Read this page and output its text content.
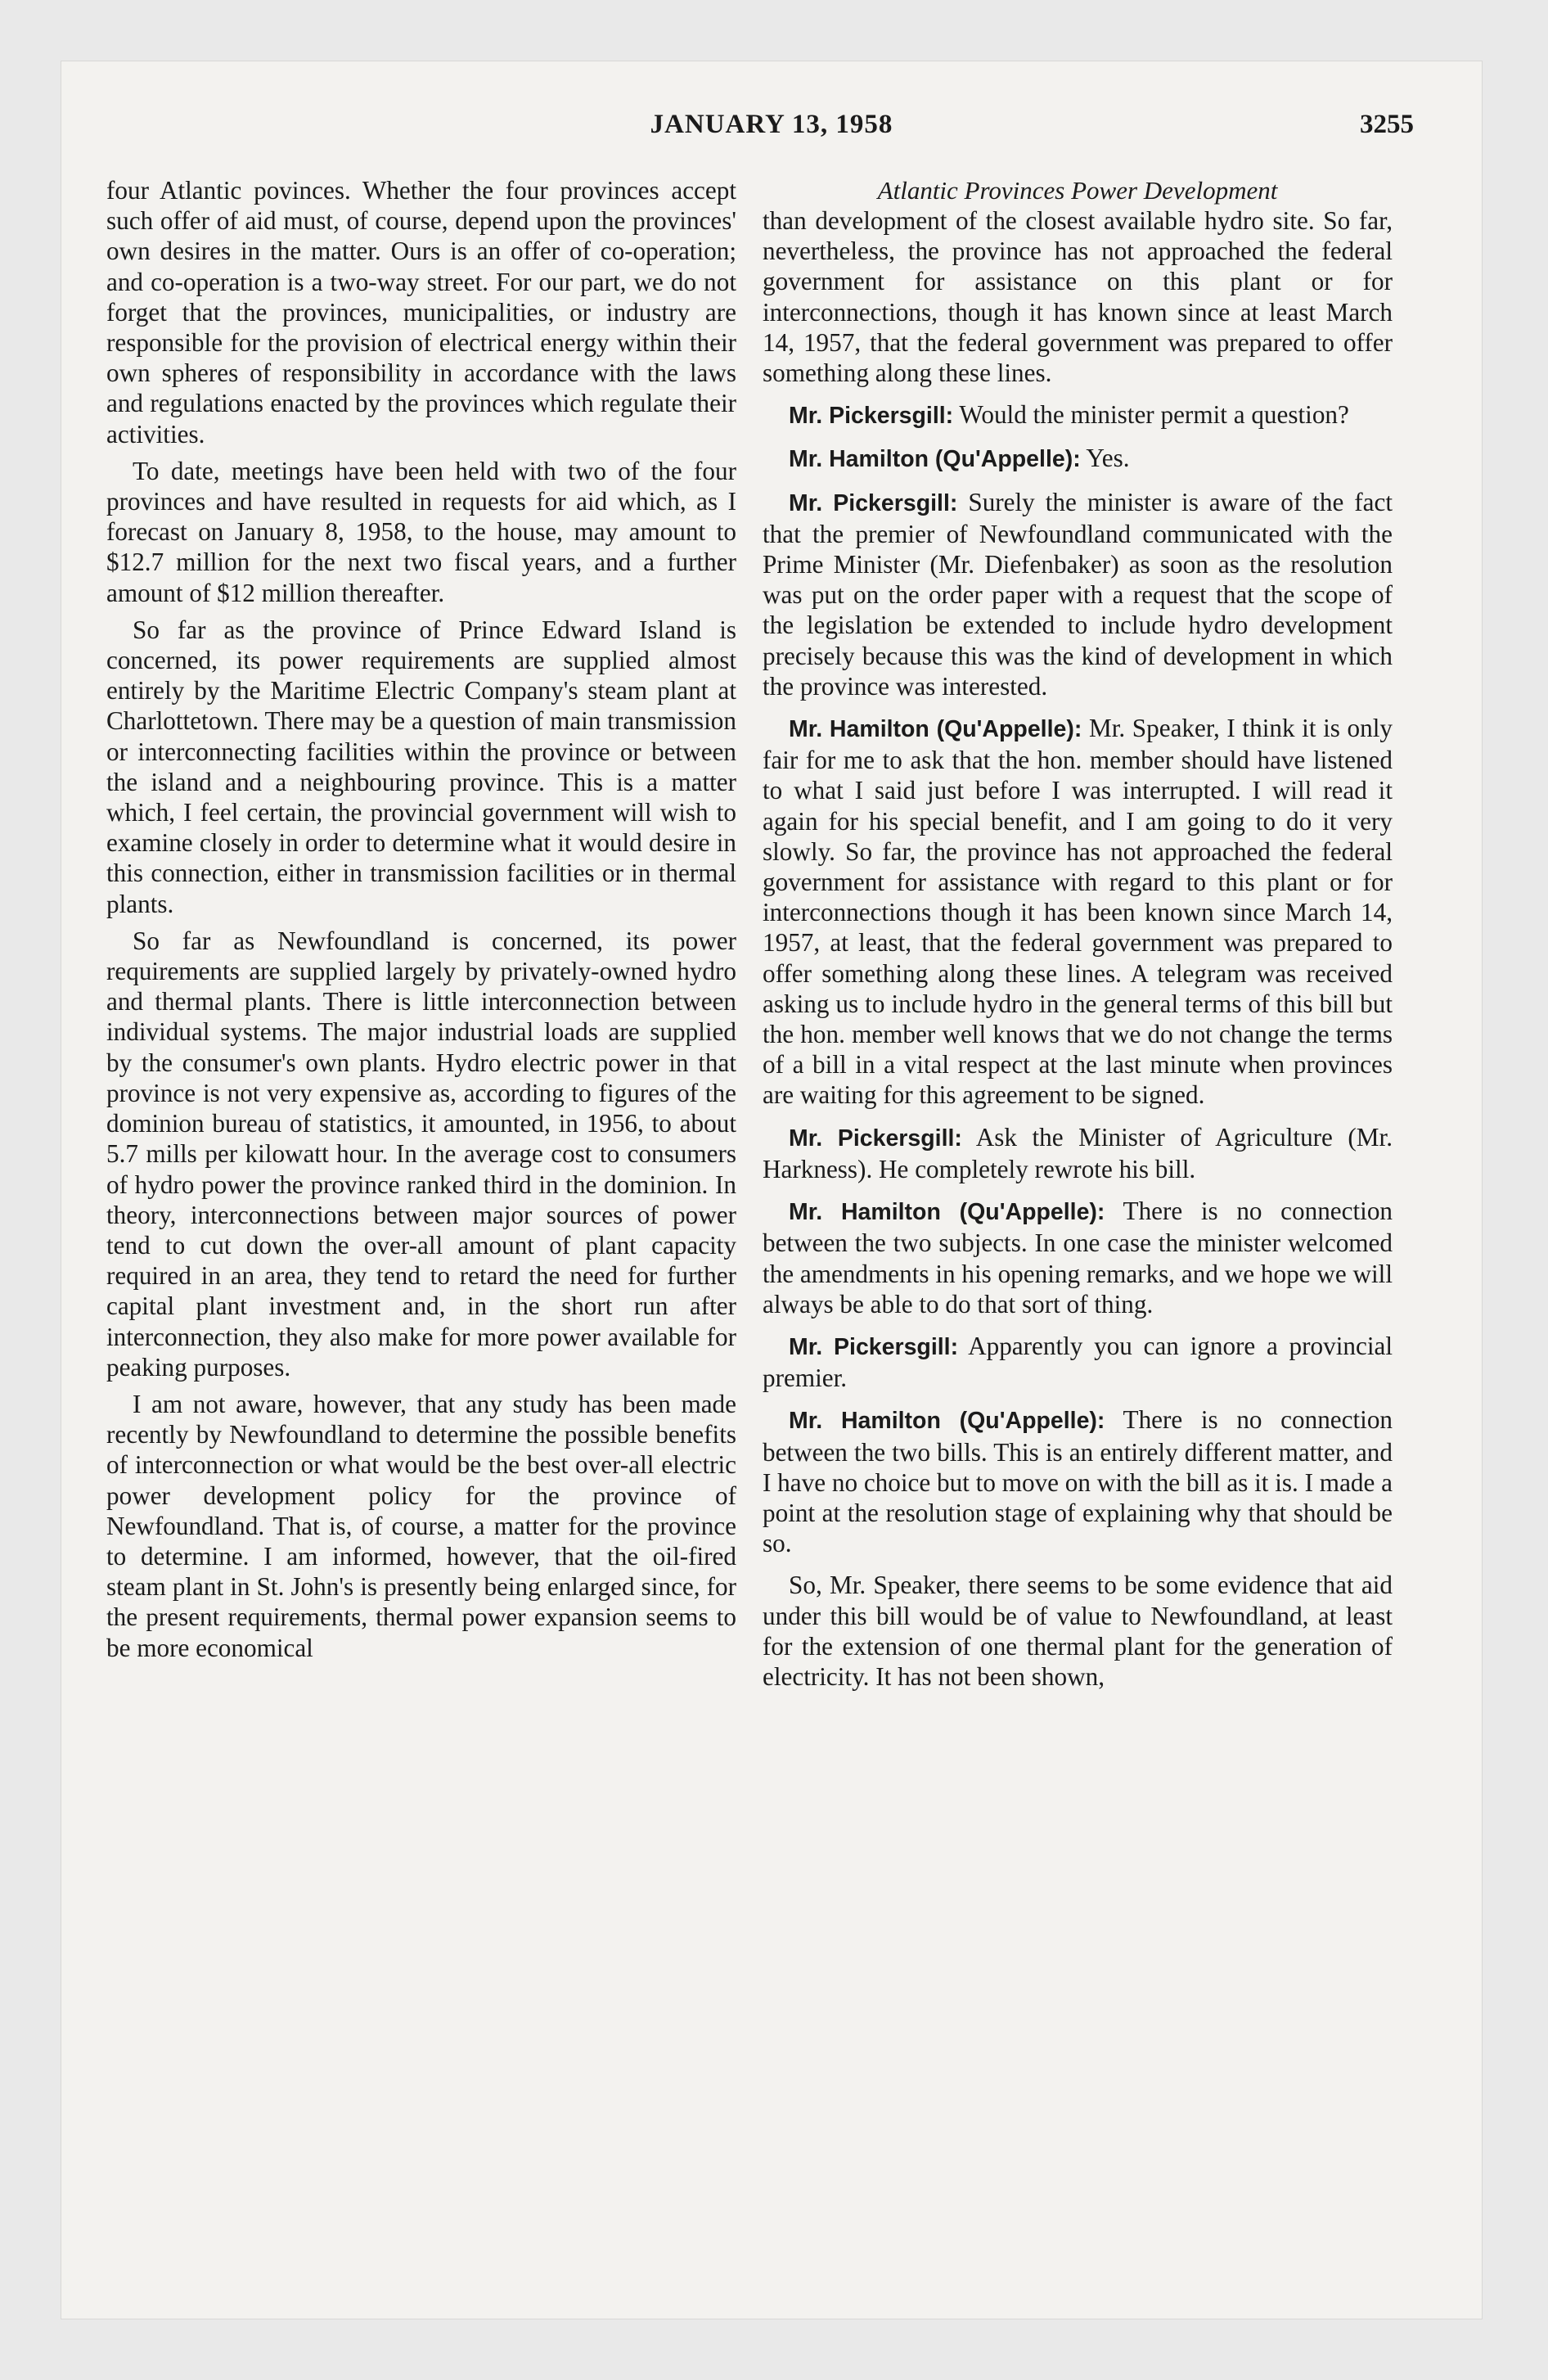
JANUARY 13, 1958	3255

four Atlantic povinces. Whether the four provinces accept such offer of aid must, of course, depend upon the provinces' own desires in the matter. Ours is an offer of co-operation; and co-operation is a two-way street. For our part, we do not forget that the provinces, municipalities, or industry are responsible for the provision of electrical energy within their own spheres of responsibility in accordance with the laws and regulations enacted by the provinces which regulate their activities.

To date, meetings have been held with two of the four provinces and have resulted in requests for aid which, as I forecast on January 8, 1958, to the house, may amount to $12.7 million for the next two fiscal years, and a further amount of $12 million thereafter.

So far as the province of Prince Edward Island is concerned, its power requirements are supplied almost entirely by the Maritime Electric Company's steam plant at Charlottetown. There may be a question of main transmission or interconnecting facilities within the province or between the island and a neighbouring province. This is a matter which, I feel certain, the provincial government will wish to examine closely in order to determine what it would desire in this connection, either in transmission facilities or in thermal plants.

So far as Newfoundland is concerned, its power requirements are supplied largely by privately-owned hydro and thermal plants. There is little interconnection between individual systems. The major industrial loads are supplied by the consumer's own plants. Hydro electric power in that province is not very expensive as, according to figures of the dominion bureau of statistics, it amounted, in 1956, to about 5.7 mills per kilowatt hour. In the average cost to consumers of hydro power the province ranked third in the dominion. In theory, interconnections between major sources of power tend to cut down the over-all amount of plant capacity required in an area, they tend to retard the need for further capital plant investment and, in the short run after interconnection, they also make for more power available for peaking purposes.

I am not aware, however, that any study has been made recently by Newfoundland to determine the possible benefits of interconnection or what would be the best over-all electric power development policy for the province of Newfoundland. That is, of course, a matter for the province to determine. I am informed, however, that the oil-fired steam plant in St. John's is presently being enlarged since, for the present requirements, thermal power expansion seems to be more economical

Atlantic Provinces Power Development

than development of the closest available hydro site. So far, nevertheless, the province has not approached the federal government for assistance on this plant or for interconnections, though it has known since at least March 14, 1957, that the federal government was prepared to offer something along these lines.

Mr. Pickersgill: Would the minister permit a question?

Mr. Hamilton (Qu'Appelle): Yes.

Mr. Pickersgill: Surely the minister is aware of the fact that the premier of Newfoundland communicated with the Prime Minister (Mr. Diefenbaker) as soon as the resolution was put on the order paper with a request that the scope of the legislation be extended to include hydro development precisely because this was the kind of development in which the province was interested.

Mr. Hamilton (Qu'Appelle): Mr. Speaker, I think it is only fair for me to ask that the hon. member should have listened to what I said just before I was interrupted. I will read it again for his special benefit, and I am going to do it very slowly. So far, the province has not approached the federal government for assistance with regard to this plant or for interconnections though it has been known since March 14, 1957, at least, that the federal government was prepared to offer something along these lines. A telegram was received asking us to include hydro in the general terms of this bill but the hon. member well knows that we do not change the terms of a bill in a vital respect at the last minute when provinces are waiting for this agreement to be signed.

Mr. Pickersgill: Ask the Minister of Agriculture (Mr. Harkness). He completely rewrote his bill.

Mr. Hamilton (Qu'Appelle): There is no connection between the two subjects. In one case the minister welcomed the amendments in his opening remarks, and we hope we will always be able to do that sort of thing.

Mr. Pickersgill: Apparently you can ignore a provincial premier.

Mr. Hamilton (Qu'Appelle): There is no connection between the two bills. This is an entirely different matter, and I have no choice but to move on with the bill as it is. I made a point at the resolution stage of explaining why that should be so.

So, Mr. Speaker, there seems to be some evidence that aid under this bill would be of value to Newfoundland, at least for the extension of one thermal plant for the generation of electricity. It has not been shown,
